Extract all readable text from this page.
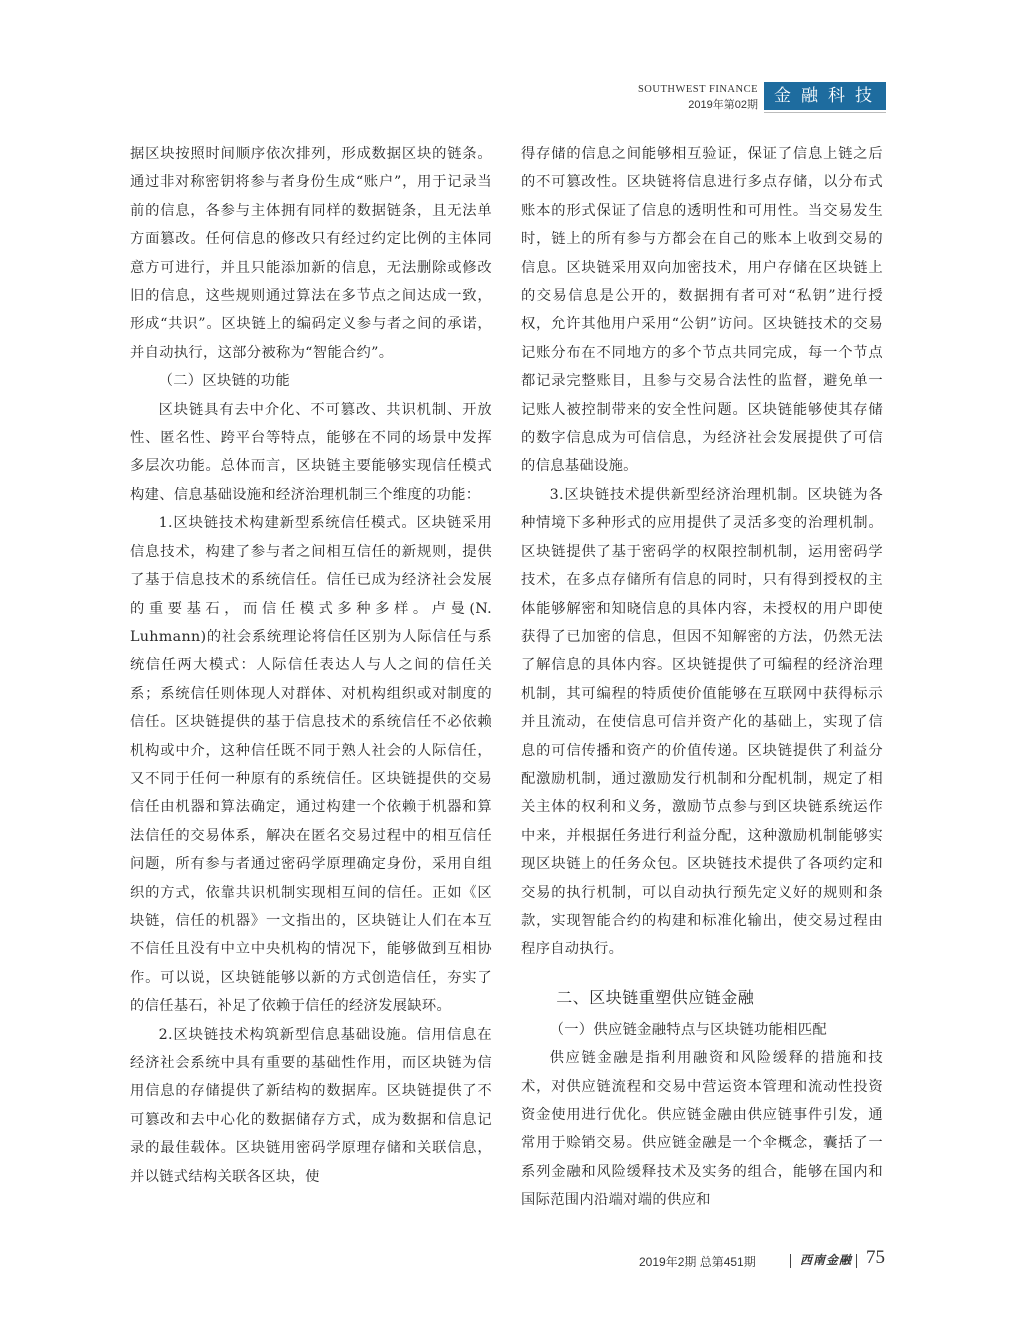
SOUTHWEST FINANCE
2019年第02期 金融科技

据区块按照时间顺序依次排列，形成数据区块的链条。通过非对称密钥将参与者身份生成“账户”，用于记录当前的信息，各参与主体拥有同样的数据链条，且无法单方面篡改。任何信息的修改只有经过约定比例的主体同意方可进行，并且只能添加新的信息，无法删除或修改旧的信息，这些规则通过算法在多节点之间达成一致，形成“共识”。区块链上的编码定义参与者之间的承诺，并自动执行，这部分被称为“智能合约”。

（二）区块链的功能

区块链具有去中介化、不可篡改、共识机制、开放性、匿名性、跨平台等特点，能够在不同的场景中发挥多层次功能。总体而言，区块链主要能够实现信任模式构建、信息基础设施和经济治理机制三个维度的功能：

1.区块链技术构建新型系统信任模式。区块链采用信息技术，构建了参与者之间相互信任的新规则，提供了基于信息技术的系统信任。信任已成为经济社会发展的重要基石，而信任模式多种多样。卢曼(N. Luhmann)的社会系统理论将信任区别为人际信任与系统信任两大模式：人际信任表达人与人之间的信任关系；系统信任则体现人对群体、对机构组织或对制度的信任。区块链提供的基于信息技术的系统信任不必依赖机构或中介，这种信任既不同于熟人社会的人际信任，又不同于任何一种原有的系统信任。区块链提供的交易信任由机器和算法确定，通过构建一个依赖于机器和算法信任的交易体系，解决在匿名交易过程中的相互信任问题，所有参与者通过密码学原理确定身份，采用自组织的方式，依靠共识机制实现相互间的信任。正如《区块链，信任的机器》一文指出的，区块链让人们在本互不信任且没有中立中央机构的情况下，能够做到互相协作。可以说，区块链能够以新的方式创造信任，夯实了的信任基石，补足了依赖于信任的经济发展缺环。

2.区块链技术构筑新型信息基础设施。信用信息在经济社会系统中具有重要的基础性作用，而区块链为信用信息的存储提供了新结构的数据库。区块链提供了不可篡改和去中心化的数据储存方式，成为数据和信息记录的最佳载体。区块链用密码学原理存储和关联信息，并以链式结构关联各区块，使

得存储的信息之间能够相互验证，保证了信息上链之后的不可篡改性。区块链将信息进行多点存储，以分布式账本的形式保证了信息的透明性和可用性。当交易发生时，链上的所有参与方都会在自己的账本上收到交易的信息。区块链采用双向加密技术，用户存储在区块链上的交易信息是公开的，数据拥有者可对“私钥”进行授权，允许其他用户采用“公钥”访问。区块链技术的交易记账分布在不同地方的多个节点共同完成，每一个节点都记录完整账目，且参与交易合法性的监督，避免单一记账人被控制带来的安全性问题。区块链能够使其存储的数字信息成为可信信息，为经济社会发展提供了可信的信息基础设施。

3.区块链技术提供新型经济治理机制。区块链为各种情境下多种形式的应用提供了灵活多变的治理机制。区块链提供了基于密码学的权限控制机制，运用密码学技术，在多点存储所有信息的同时，只有得到授权的主体能够解密和知晓信息的具体内容，未授权的用户即使获得了已加密的信息，但因不知解密的方法，仍然无法了解信息的具体内容。区块链提供了可编程的经济治理机制，其可编程的特质使价值能够在互联网中获得标示并且流动，在使信息可信并资产化的基础上，实现了信息的可信传播和资产的价值传递。区块链提供了利益分配激励机制，通过激励发行机制和分配机制，规定了相关主体的权利和义务，激励节点参与到区块链系统运作中来，并根据任务进行利益分配，这种激励机制能够实现区块链上的任务众包。区块链技术提供了各项约定和交易的执行机制，可以自动执行预先定义好的规则和条款，实现智能合约的构建和标准化输出，使交易过程由程序自动执行。

二、区块链重塑供应链金融

（一）供应链金融特点与区块链功能相匹配

供应链金融是指利用融资和风险缓释的措施和技术，对供应链流程和交易中营运资本管理和流动性投资资金使用进行优化。供应链金融由供应链事件引发，通常用于赊销交易。供应链金融是一个伞概念，囊括了一系列金融和风险缓释技术及实务的组合，能够在国内和国际范围内沿端对端的供应和

2019年2期 总第451期	西南金融 75
